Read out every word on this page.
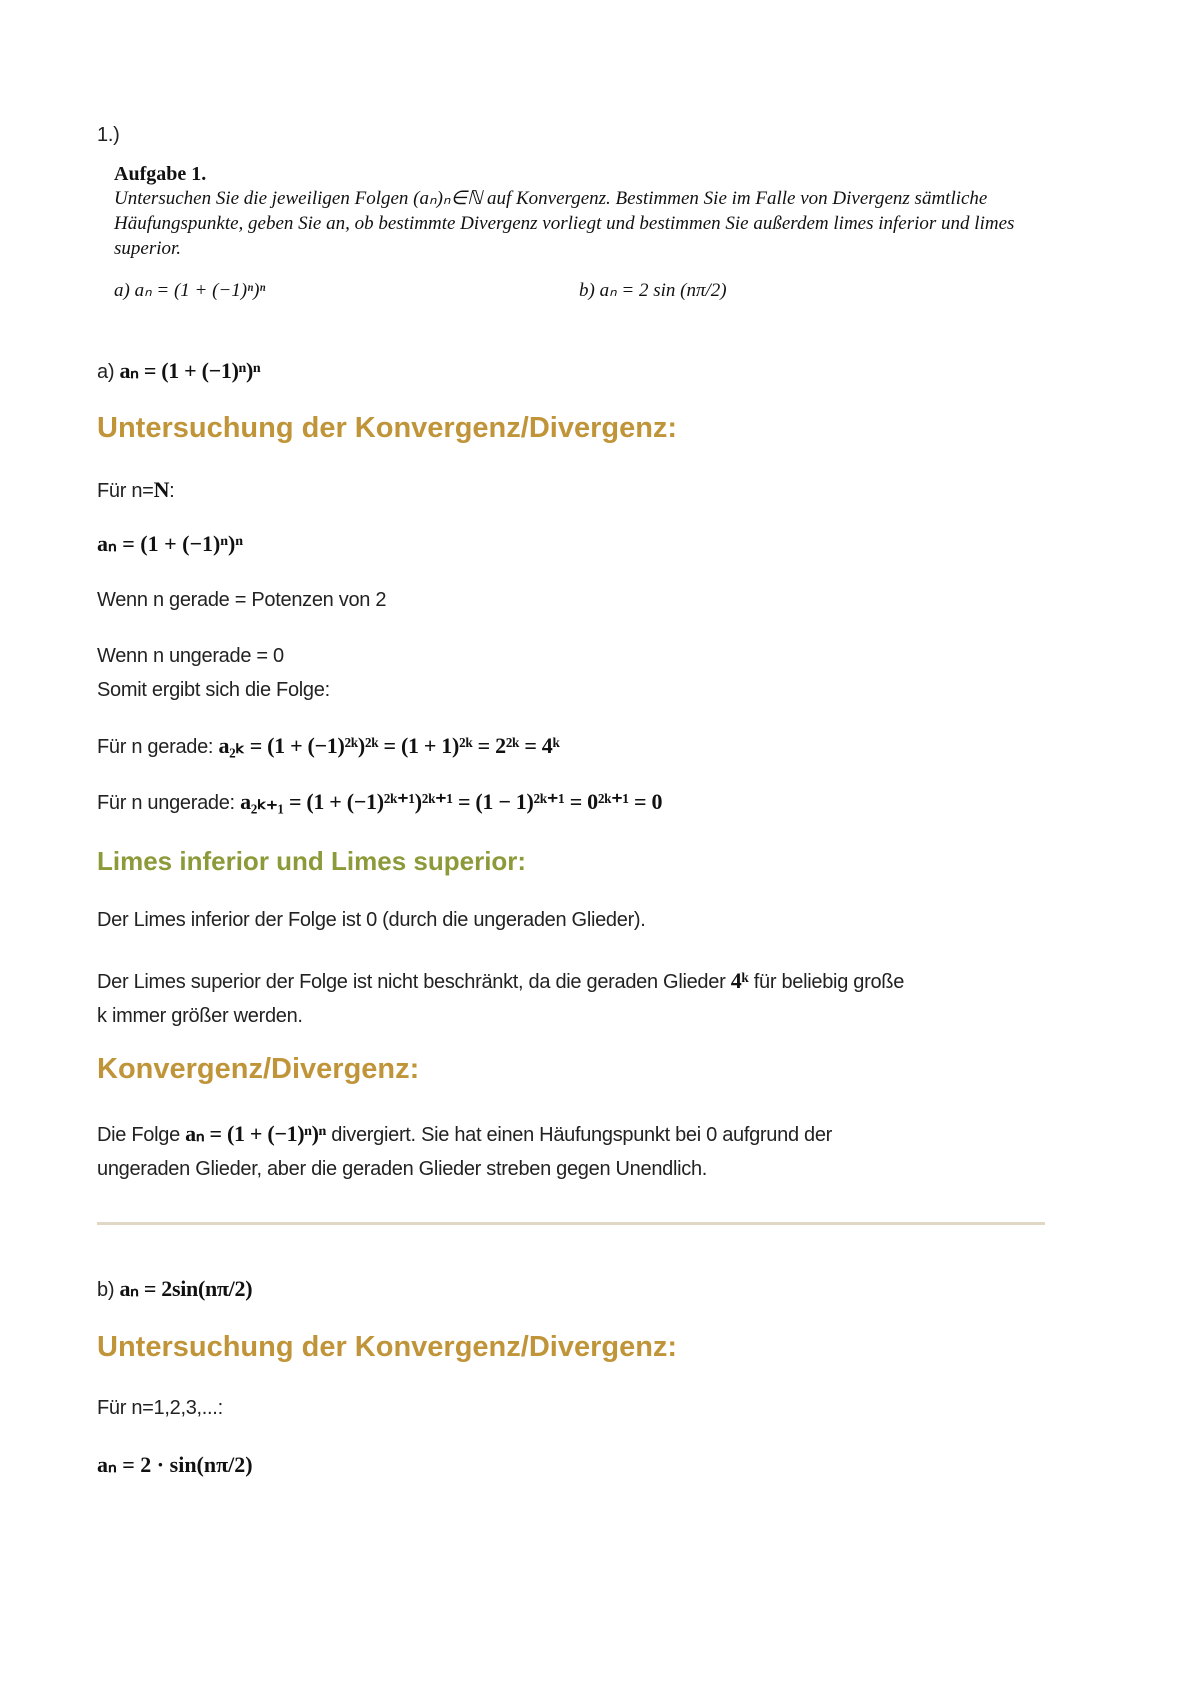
1.)
Aufgabe 1.
Untersuchen Sie die jeweiligen Folgen (aₙ)ₙ∈ℕ auf Konvergenz. Bestimmen Sie im Falle von Divergenz sämtliche Häufungspunkte, geben Sie an, ob bestimmte Divergenz vorliegt und bestimmen Sie außerdem limes inferior und limes superior.
a) aₙ = (1 + (−1)ⁿ)ⁿ	b) aₙ = 2 sin (nπ/2)
a) aₙ = (1 + (−1)ⁿ)ⁿ
Untersuchung der Konvergenz/Divergenz:
Für n=N:
aₙ = (1 + (−1)ⁿ)ⁿ
Wenn n gerade = Potenzen von 2
Wenn n ungerade = 0
Somit ergibt sich die Folge:
Für n gerade: a₂ₖ = (1 + (−1)²ᵏ)²ᵏ = (1 + 1)²ᵏ = 2²ᵏ = 4ᵏ
Für n ungerade: a₂ₖ₊₁ = (1 + (−1)²ᵏ⁺¹)²ᵏ⁺¹ = (1 − 1)²ᵏ⁺¹ = 0²ᵏ⁺¹ = 0
Limes inferior und Limes superior:
Der Limes inferior der Folge ist 0 (durch die ungeraden Glieder).
Der Limes superior der Folge ist nicht beschränkt, da die geraden Glieder 4ᵏ für beliebig große
k immer größer werden.
Konvergenz/Divergenz:
Die Folge aₙ = (1 + (−1)ⁿ)ⁿ divergiert. Sie hat einen Häufungspunkt bei 0 aufgrund der
ungeraden Glieder, aber die geraden Glieder streben gegen Unendlich.
b) aₙ = 2sin(nπ/2)
Untersuchung der Konvergenz/Divergenz:
Für n=1,2,3,...:
aₙ = 2 · sin(nπ/2)
